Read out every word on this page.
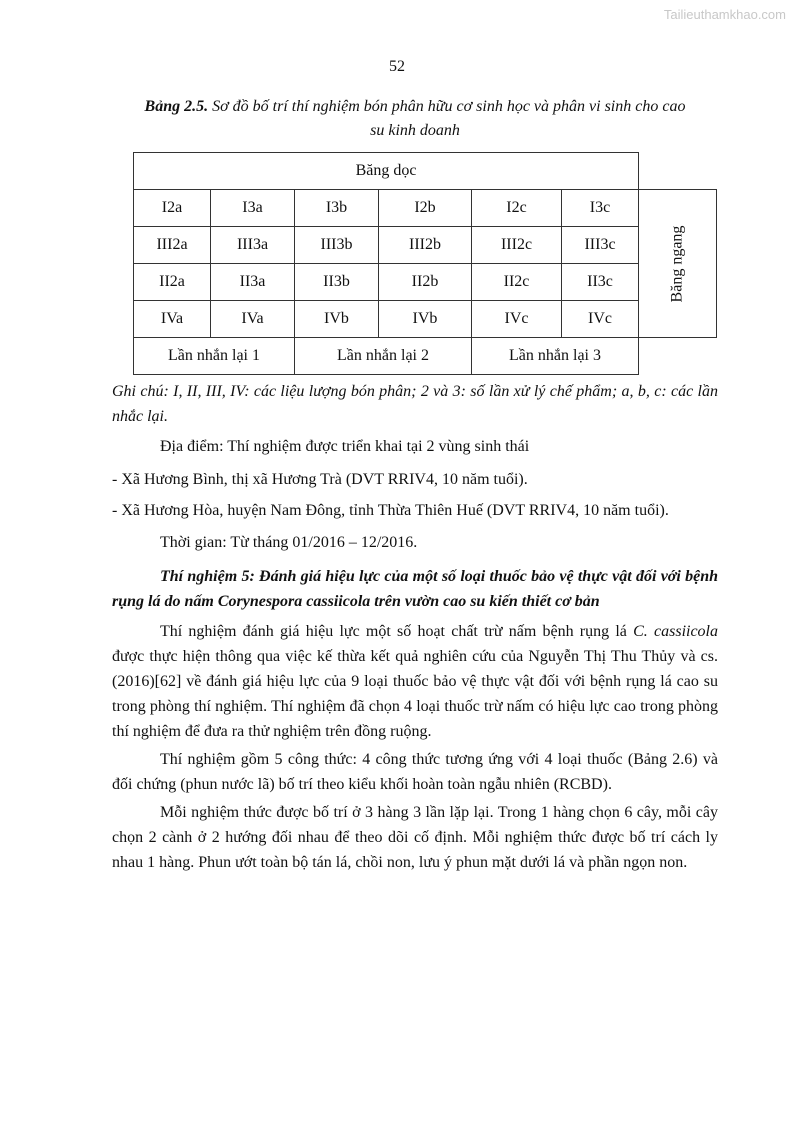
Tailieuthamkhao.com
52
Bảng 2.5. Sơ đồ bố trí thí nghiệm bón phân hữu cơ sinh học và phân vi sinh cho cao
su kinh doanh
Băng dọc						
I2a	I3a	I3b	I2b	I2c	I3c	Băng ngang
III2a	III3a	III3b	III2b	III2c	III3c	
II2a	II3a	II3b	II2b	II2c	II3c	
IVa	IVa	IVb	IVb	IVc	IVc	
Lần nhắn lại 1		Lần nhắn lại 2		Lần nhắn lại 3		
Ghi chú: I, II, III, IV: các liệu lượng bón phân; 2 và 3: số lần xử lý chế phẩm; a, b, c: các lần nhắc lại.
Địa điểm: Thí nghiệm được triển khai tại 2 vùng sinh thái
- Xã Hương Bình, thị xã Hương Trà (DVT RRIV4, 10 năm tuổi).
- Xã Hương Hòa, huyện Nam Đông, tỉnh Thừa Thiên Huế (DVT RRIV4, 10 năm tuổi).
Thời gian: Từ tháng 01/2016 – 12/2016.
Thí nghiệm 5: Đánh giá hiệu lực của một số loại thuốc bảo vệ thực vật đối với bệnh rụng lá do nấm Corynespora cassiicola trên vườn cao su kiến thiết cơ bản
Thí nghiệm đánh giá hiệu lực một số hoạt chất trừ nấm bệnh rụng lá C. cassiicola được thực hiện thông qua việc kế thừa kết quả nghiên cứu của Nguyễn Thị Thu Thủy và cs. (2016)[62] về đánh giá hiệu lực của 9 loại thuốc bảo vệ thực vật đối với bệnh rụng lá cao su trong phòng thí nghiệm. Thí nghiệm đã chọn 4 loại thuốc trừ nấm có hiệu lực cao trong phòng thí nghiệm để đưa ra thử nghiệm trên đồng ruộng.
Thí nghiệm gồm 5 công thức: 4 công thức tương ứng với 4 loại thuốc (Bảng 2.6) và đối chứng (phun nước lã) bố trí theo kiểu khối hoàn toàn ngẫu nhiên (RCBD).
Mỗi nghiệm thức được bố trí ở 3 hàng 3 lần lặp lại. Trong 1 hàng chọn 6 cây, mỗi cây chọn 2 cành ở 2 hướng đối nhau để theo dõi cố định. Mỗi nghiệm thức được bố trí cách ly nhau 1 hàng. Phun ướt toàn bộ tán lá, chồi non, lưu ý phun mặt dưới lá và phần ngọn non.
